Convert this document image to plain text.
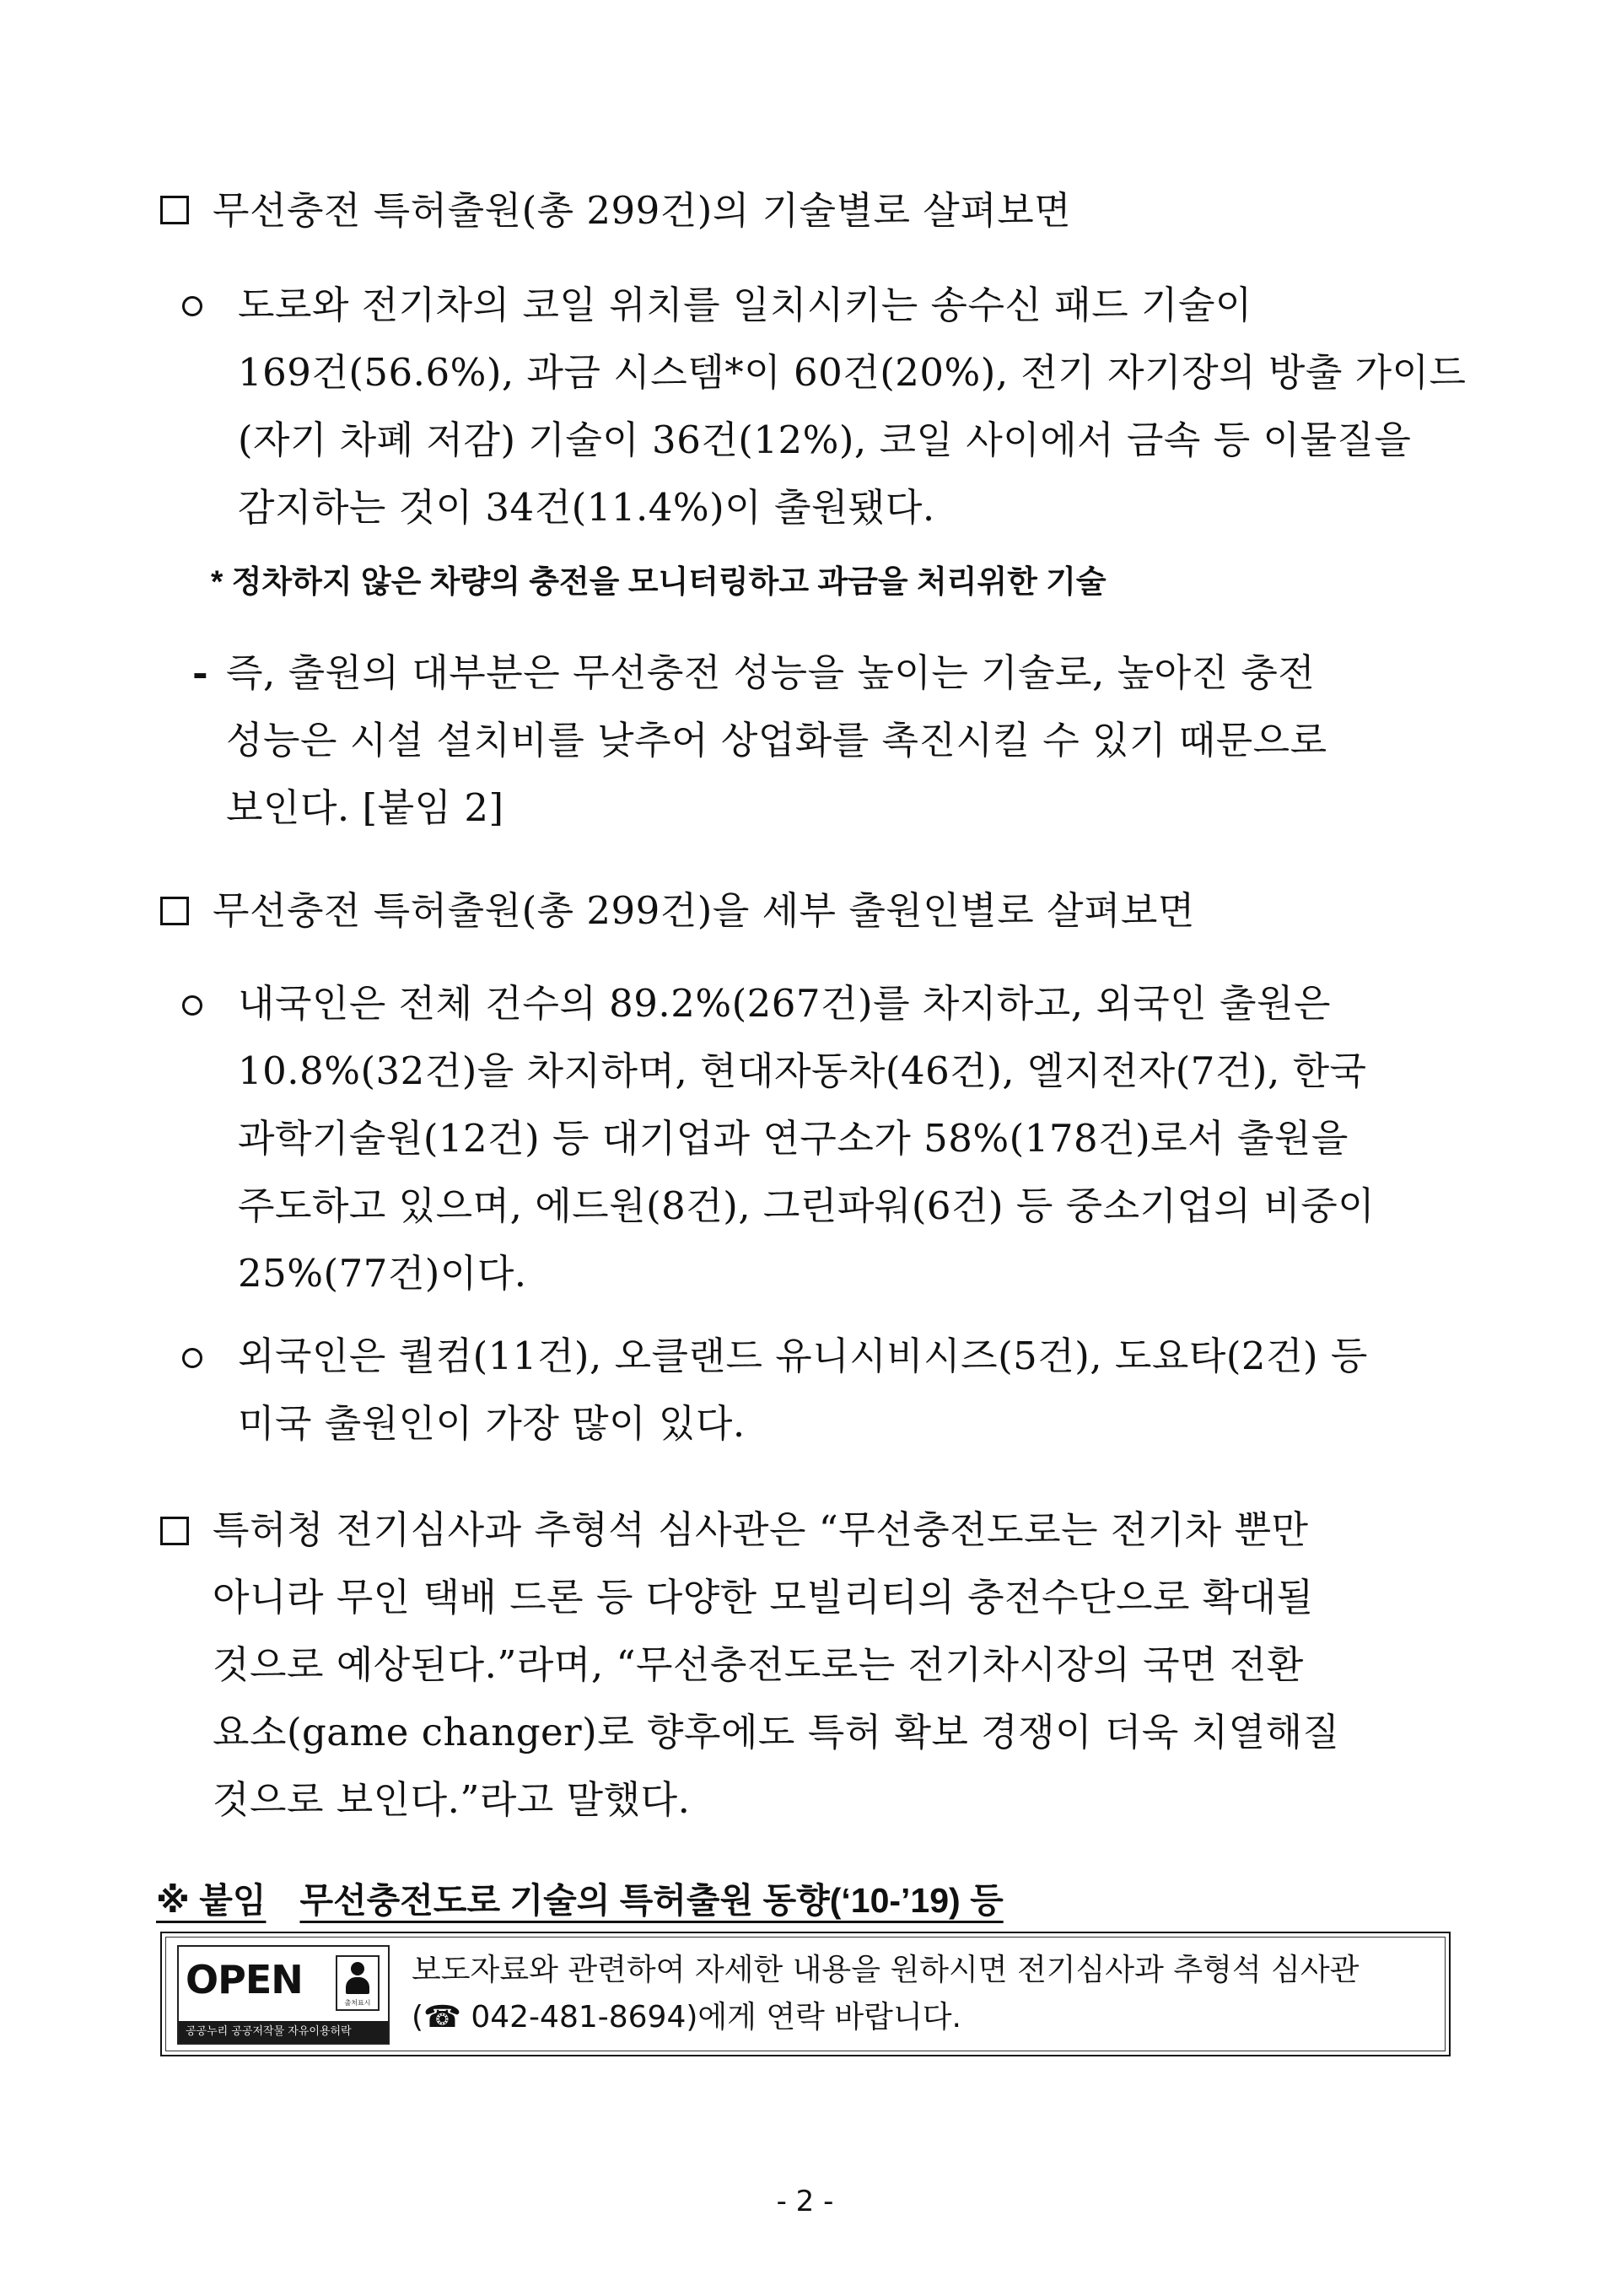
무선충전 특허출원(총 299건)의 기술별로 살펴보면
도로와 전기차의 코일 위치를 일치시키는 송수신 패드 기술이
169건(56.6%), 과금 시스템*이 60건(20%), 전기 자기장의 방출 가이드
(자기 차폐 저감) 기술이 36건(12%), 코일 사이에서 금속 등 이물질을
감지하는 것이 34건(11.4%)이 출원됐다.
* 정차하지 않은 차량의 충전을 모니터링하고 과금을 처리위한 기술
- 즉, 출원의 대부분은 무선충전 성능을 높이는 기술로, 높아진 충전
성능은 시설 설치비를 낮추어 상업화를 촉진시킬 수 있기 때문으로
보인다. [붙임 2]
무선충전 특허출원(총 299건)을 세부 출원인별로 살펴보면
내국인은 전체 건수의 89.2%(267건)를 차지하고, 외국인 출원은
10.8%(32건)을 차지하며, 현대자동차(46건), 엘지전자(7건), 한국
과학기술원(12건) 등 대기업과 연구소가 58%(178건)로서 출원을
주도하고 있으며, 에드원(8건), 그린파워(6건) 등 중소기업의 비중이
25%(77건)이다.
외국인은 퀄컴(11건), 오클랜드 유니시비시즈(5건), 도요타(2건) 등
미국 출원인이 가장 많이 있다.
특허청 전기심사과 추형석 심사관은 “무선충전도로는 전기차 뿐만
아니라 무인 택배 드론 등 다양한 모빌리티의 충전수단으로 확대될
것으로 예상된다.”라며, “무선충전도로는 전기차시장의 국면 전환
요소(game changer)로 향후에도 특허 확보 경쟁이 더욱 치열해질
것으로 보인다.”라고 말했다.
※ 붙임 무선충전도로 기술의 특허출원 동향(‘10-’19) 등
OPEN
출처표시
공공누리 공공저작물 자유이용허락
보도자료와 관련하여 자세한 내용을 원하시면 전기심사과 추형석 심사관
(☎ 042-481-8694)에게 연락 바랍니다.
- 2 -
